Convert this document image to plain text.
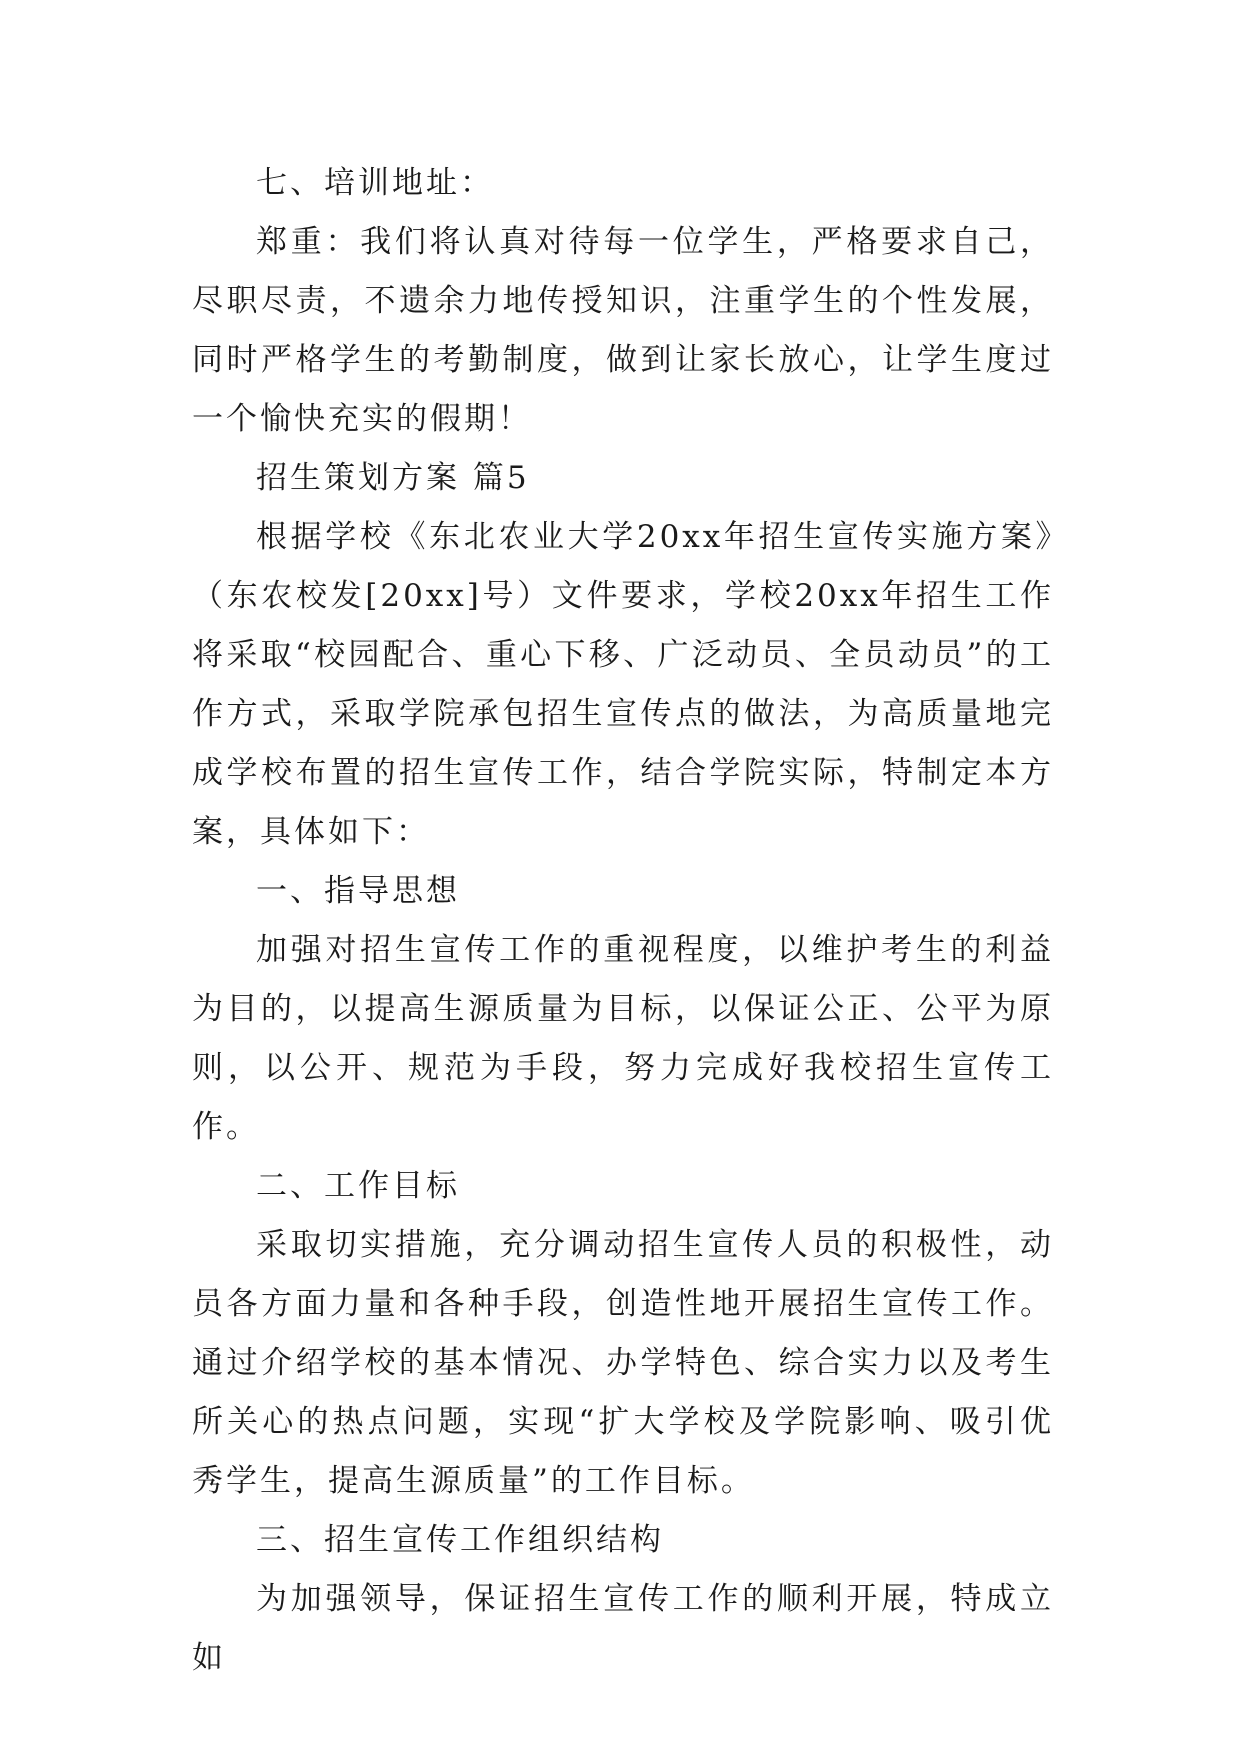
七、培训地址：

郑重：我们将认真对待每一位学生，严格要求自己，尽职尽责，不遗余力地传授知识，注重学生的个性发展，同时严格学生的考勤制度，做到让家长放心，让学生度过一个愉快充实的假期！

招生策划方案 篇5

根据学校《东北农业大学20xx年招生宣传实施方案》（东农校发[20xx]号）文件要求，学校20xx年招生工作将采取“校园配合、重心下移、广泛动员、全员动员”的工作方式，采取学院承包招生宣传点的做法，为高质量地完成学校布置的招生宣传工作，结合学院实际，特制定本方案，具体如下：

一、指导思想

加强对招生宣传工作的重视程度，以维护考生的利益为目的，以提高生源质量为目标，以保证公正、公平为原则，以公开、规范为手段，努力完成好我校招生宣传工作。

二、工作目标

采取切实措施，充分调动招生宣传人员的积极性，动员各方面力量和各种手段，创造性地开展招生宣传工作。通过介绍学校的基本情况、办学特色、综合实力以及考生所关心的热点问题，实现“扩大学校及学院影响、吸引优秀学生，提高生源质量”的工作目标。

三、招生宣传工作组织结构

为加强领导，保证招生宣传工作的顺利开展，特成立如
